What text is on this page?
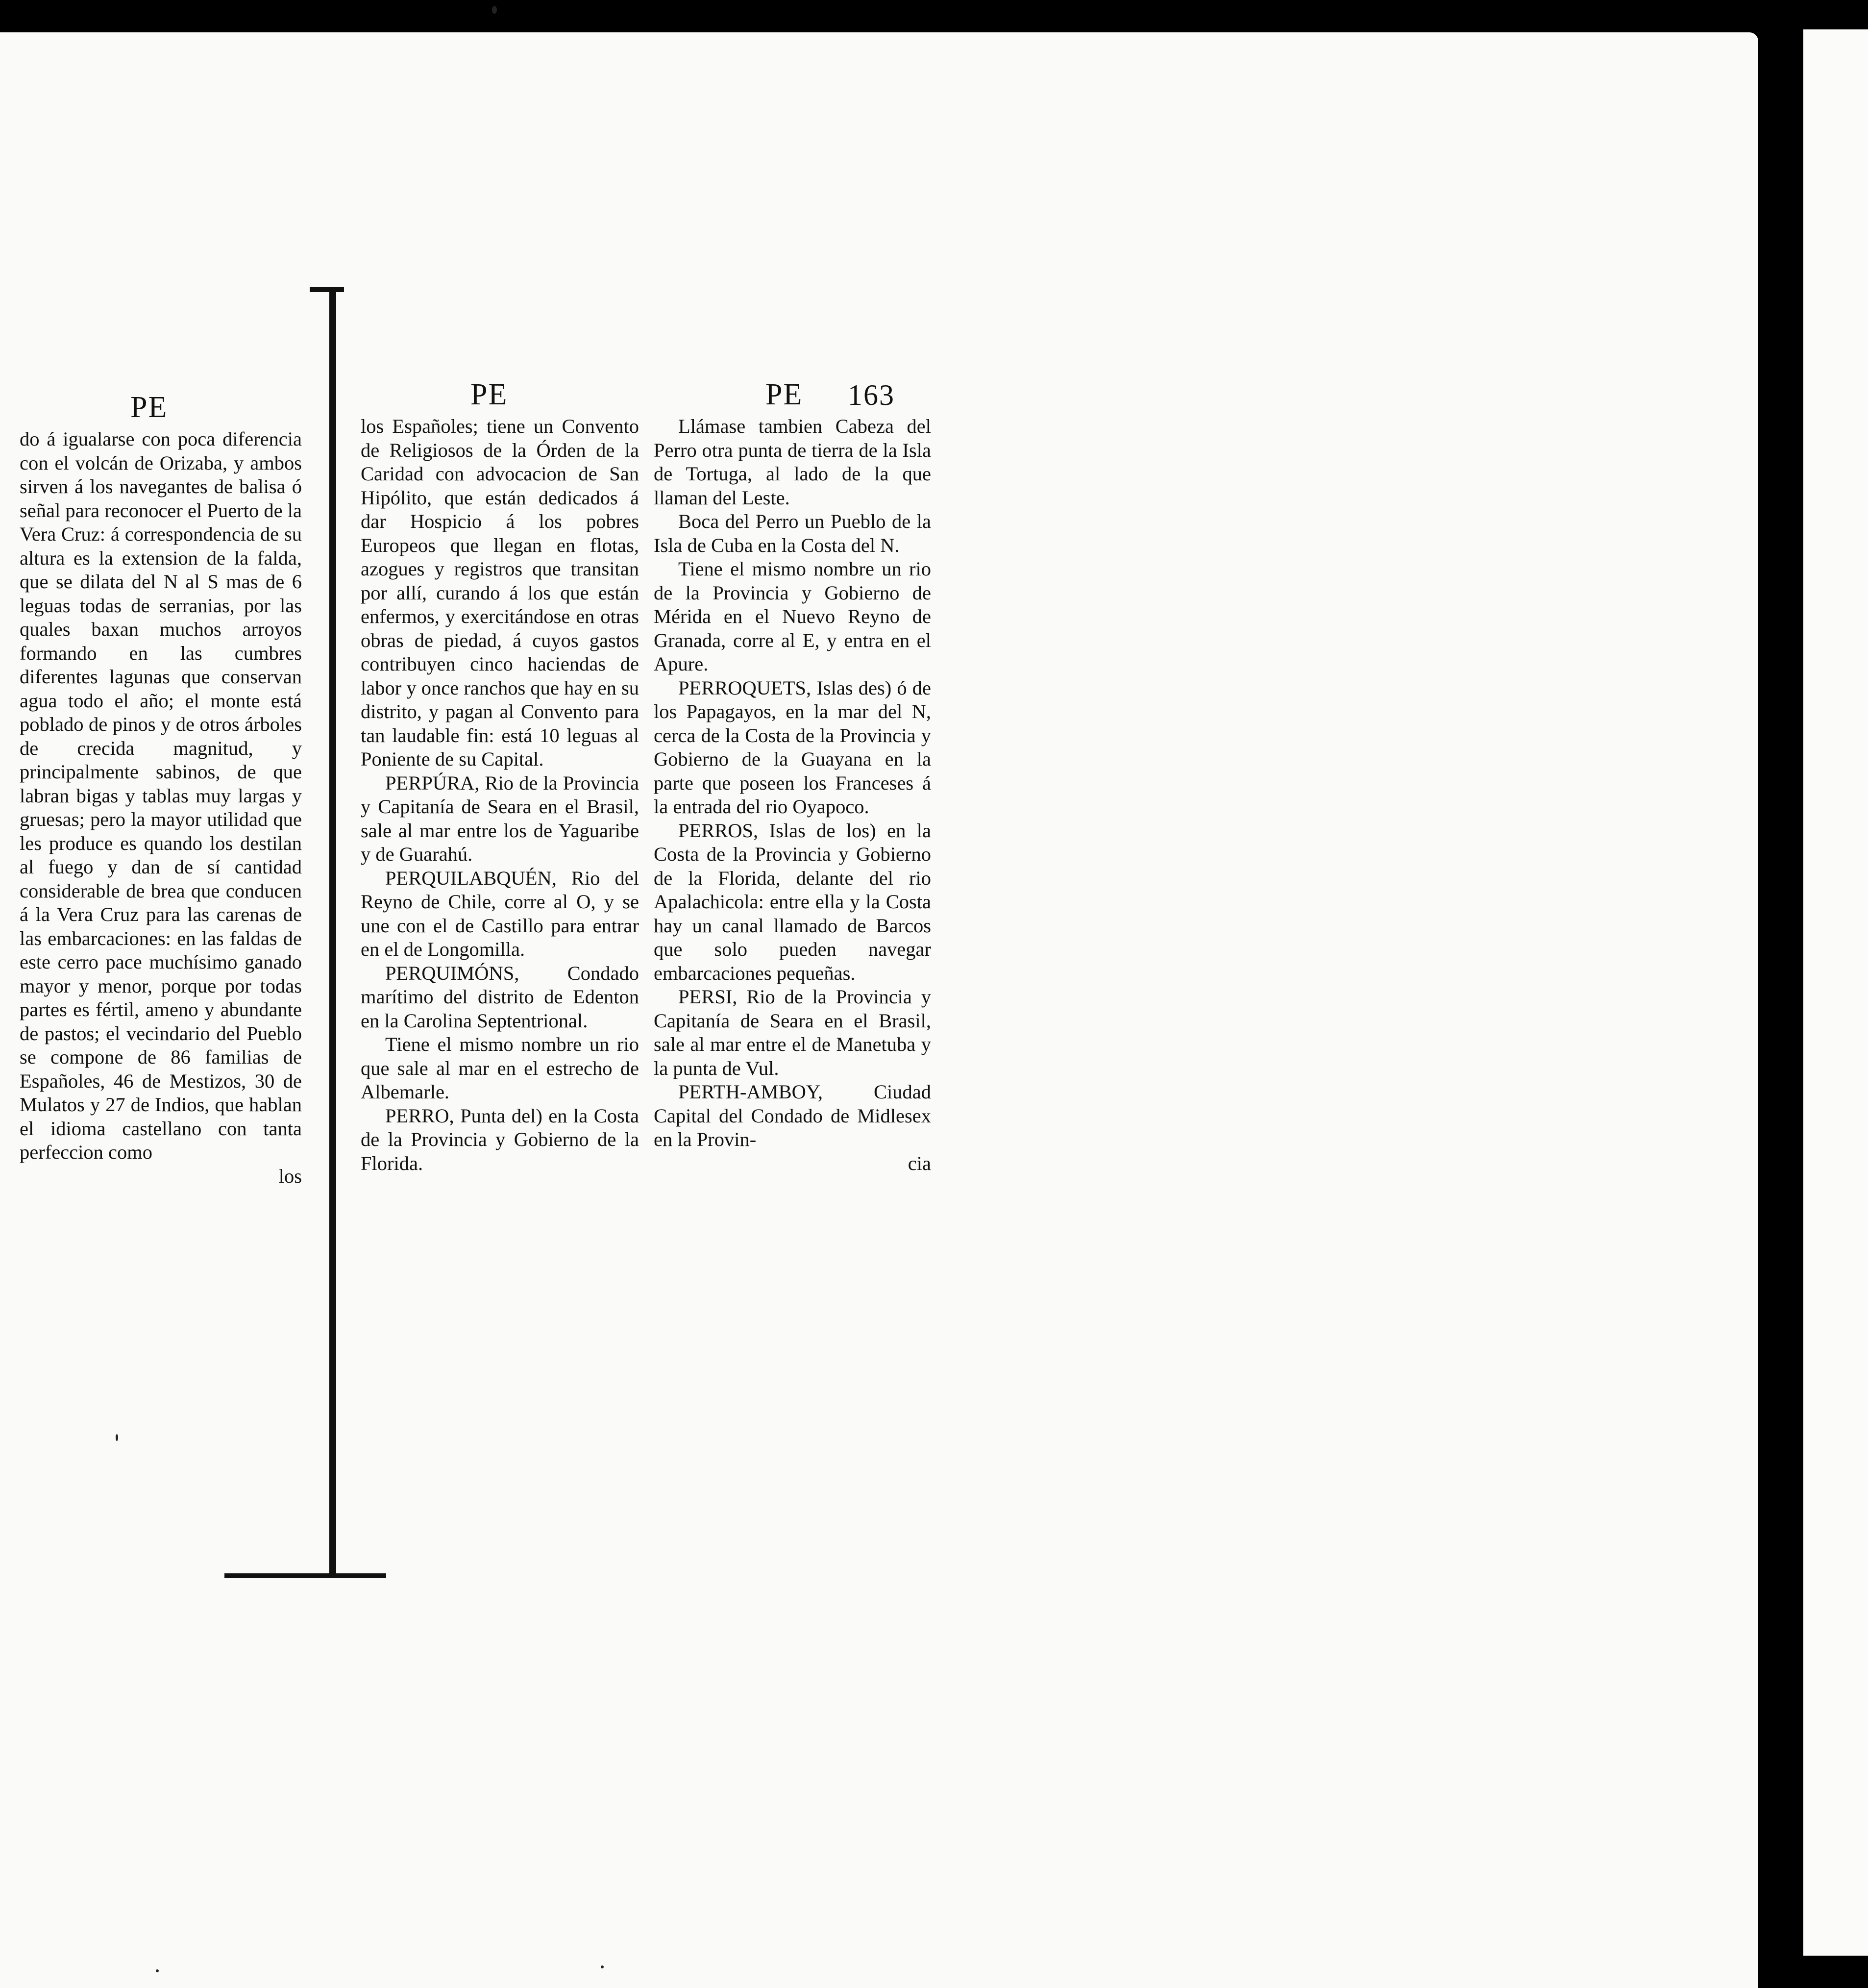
PE

do á igualarse con poca diferencia con el volcán de Orizaba, y ambos sirven á los navegantes de balisa ó señal para reconocer el Puerto de la Vera Cruz: á correspondencia de su altura es la extension de la falda, que se dilata del N al S mas de 6 leguas todas de serranias, por las quales baxan muchos arroyos formando en las cumbres diferentes lagunas que conservan agua todo el año; el monte está poblado de pinos y de otros árboles de crecida magnitud, y principalmente sabinos, de que labran bigas y tablas muy largas y gruesas; pero la mayor utilidad que les produce es quando los destilan al fuego y dan de sí cantidad considerable de brea que conducen á la Vera Cruz para las carenas de las embarcaciones: en las faldas de este cerro pace muchísimo ganado mayor y menor, porque por todas partes es fértil, ameno y abundante de pastos; el vecindario del Pueblo se compone de 86 familias de Españoles, 46 de Mestizos, 30 de Mulatos y 27 de Indios, que hablan el idioma castellano con tanta perfeccion como

los
PE

los Españoles; tiene un Convento de Religiosos de la Órden de la Caridad con advocacion de San Hipólito, que están dedicados á dar Hospicio á los pobres Europeos que llegan en flotas, azogues y registros que transitan por allí, curando á los que están enfermos, y exercitándose en otras obras de piedad, á cuyos gastos contribuyen cinco haciendas de labor y once ranchos que hay en su distrito, y pagan al Convento para tan laudable fin: está 10 leguas al Poniente de su Capital.

PERPÚRA, Rio de la Provincia y Capitanía de Seara en el Brasil, sale al mar entre los de Yaguaribe y de Guarahú.

PERQUILABQUÉN, Rio del Reyno de Chile, corre al O, y se une con el de Castillo para entrar en el de Longomilla.

PERQUIMÓNS, Condado marítimo del distrito de Edenton en la Carolina Septentrional.

Tiene el mismo nombre un rio que sale al mar en el estrecho de Albemarle.

PERRO, Punta del) en la Costa de la Provincia y Gobierno de la Florida.

PE 163

Llámase tambien Cabeza del Perro otra punta de tierra de la Isla de Tortuga, al lado de la que llaman del Leste.

Boca del Perro un Pueblo de la Isla de Cuba en la Costa del N.

Tiene el mismo nombre un rio de la Provincia y Gobierno de Mérida en el Nuevo Reyno de Granada, corre al E, y entra en el Apure.

PERROQUETS, Islas des) ó de los Papagayos, en la mar del N, cerca de la Costa de la Provincia y Gobierno de la Guayana en la parte que poseen los Franceses á la entrada del rio Oyapoco.

PERROS, Islas de los) en la Costa de la Provincia y Gobierno de la Florida, delante del rio Apalachicola: entre ella y la Costa hay un canal llamado de Barcos que solo pueden navegar embarcaciones pequeñas.

PERSI, Rio de la Provincia y Capitanía de Seara en el Brasil, sale al mar entre el de Manetuba y la punta de Vul.

PERTH-AMBOY, Ciudad Capital del Condado de Midlesex en la Provin-

cia
